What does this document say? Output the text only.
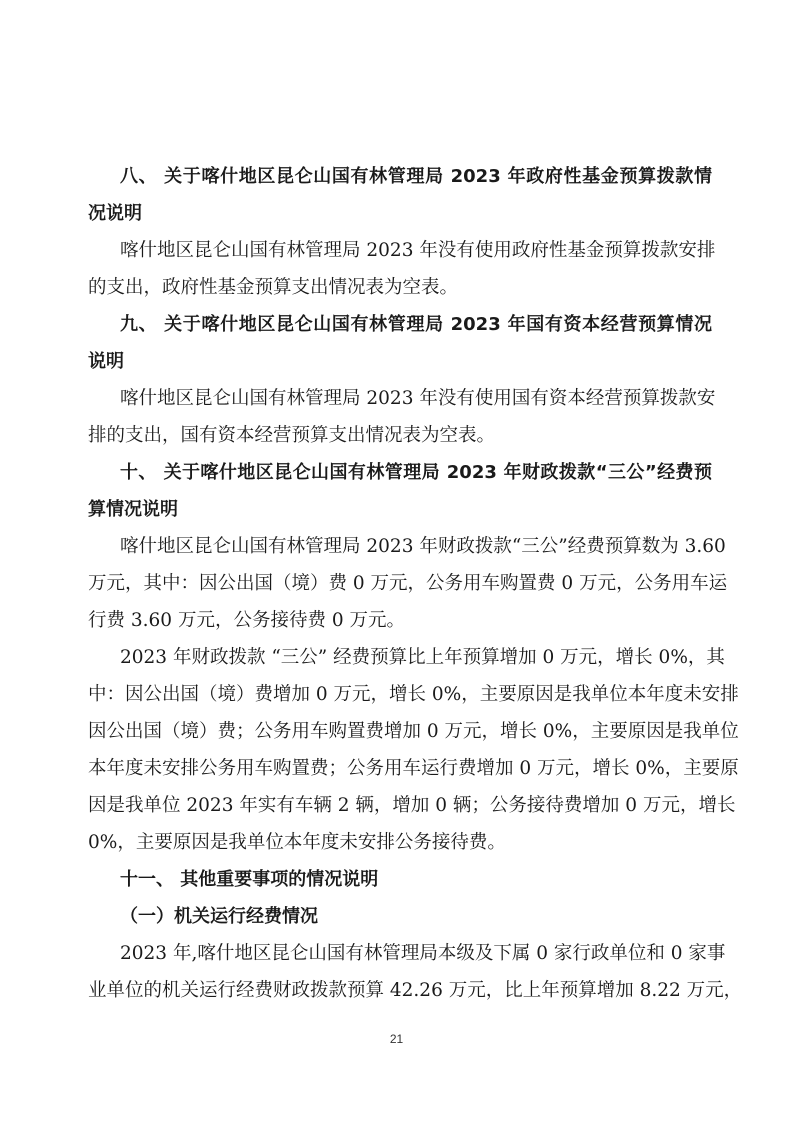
八、 关于喀什地区昆仑山国有林管理局 2023 年政府性基金预算拨款情
况说明
喀什地区昆仑山国有林管理局 2023 年没有使用政府性基金预算拨款安排
的支出，政府性基金预算支出情况表为空表。
九、 关于喀什地区昆仑山国有林管理局 2023 年国有资本经营预算情况
说明
喀什地区昆仑山国有林管理局 2023 年没有使用国有资本经营预算拨款安
排的支出，国有资本经营预算支出情况表为空表。
十、 关于喀什地区昆仑山国有林管理局 2023 年财政拨款“三公”经费预
算情况说明
喀什地区昆仑山国有林管理局 2023 年财政拨款“三公”经费预算数为 3.60
万元，其中：因公出国（境）费 0 万元，公务用车购置费 0 万元，公务用车运
行费 3.60 万元，公务接待费 0 万元。
2023 年财政拨款 “三公” 经费预算比上年预算增加 0 万元，增长 0%，其
中：因公出国（境）费增加 0 万元，增长 0%，主要原因是我单位本年度未安排
因公出国（境）费；公务用车购置费增加 0 万元，增长 0%，主要原因是我单位
本年度未安排公务用车购置费；公务用车运行费增加 0 万元，增长 0%，主要原
因是我单位 2023 年实有车辆 2 辆，增加 0 辆；公务接待费增加 0 万元，增长
0%，主要原因是我单位本年度未安排公务接待费。
十一、 其他重要事项的情况说明
（一）机关运行经费情况
2023 年,喀什地区昆仑山国有林管理局本级及下属 0 家行政单位和 0 家事
业单位的机关运行经费财政拨款预算 42.26 万元，比上年预算增加 8.22 万元，
21
